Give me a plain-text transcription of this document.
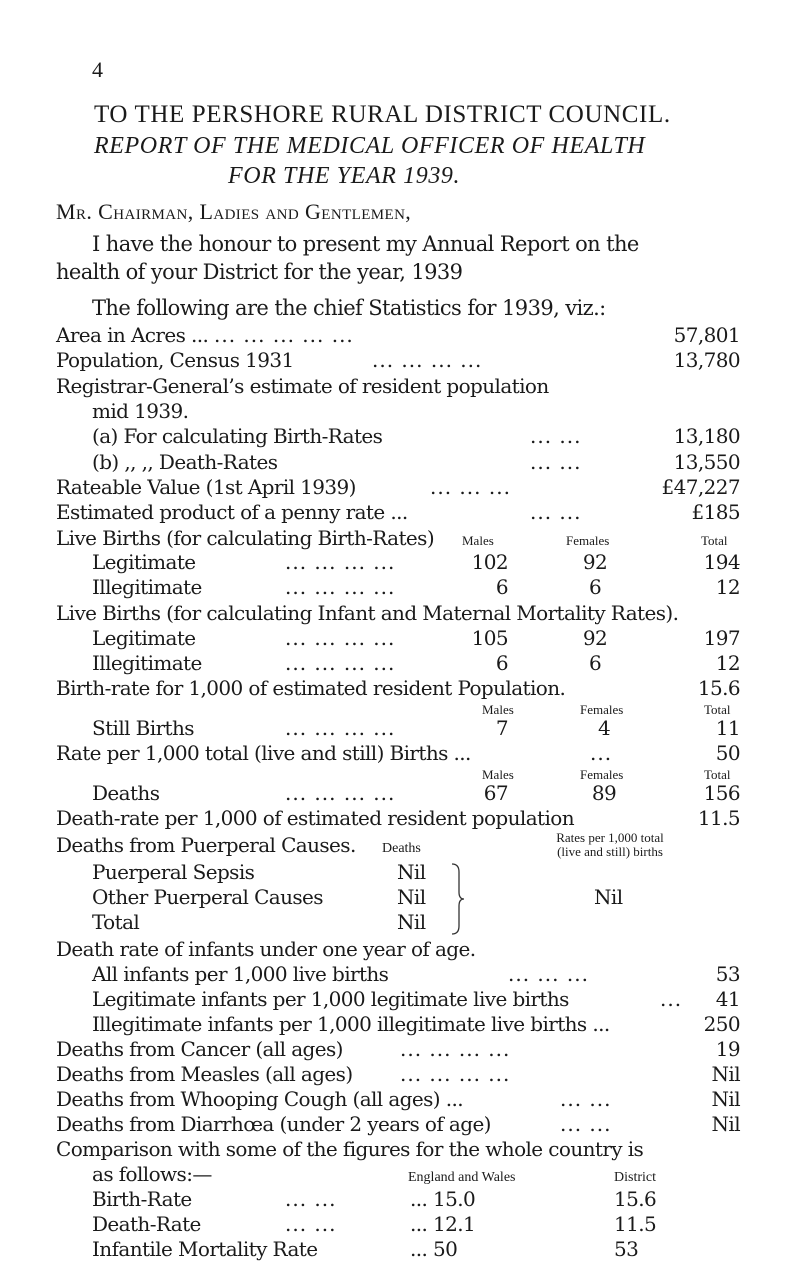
4
TO THE PERSHORE RURAL DISTRICT COUNCIL.
REPORT OF THE MEDICAL OFFICER OF HEALTH
FOR THE YEAR 1939.
Mr. Chairman, Ladies and Gentlemen,
I have the honour to present my Annual Report on the
health of your District for the year, 1939
The following are the chief Statistics for 1939, viz.:
Area in Acres ... ... ... ... ... ...	57,801
Population, Census 1931	... ... ... ...	13,780
Registrar-General’s estimate of resident population
mid 1939.
(a) For calculating Birth-Rates	... ...	13,180
(b) ,, ,, Death-Rates	... ...	13,550
Rateable Value (1st April 1939)	... ... ...	£47,227
Estimated product of a penny rate ...	... ...	£185
Live Births (for calculating Birth-Rates) Males	Females	Total
Legitimate	... ... ... ...	102	92	194
Illegitimate	... ... ... ...	6	6	12
Live Births (for calculating Infant and Maternal Mortality Rates).
Legitimate	... ... ... ...	105	92	197
Illegitimate	... ... ... ...	6	6	12
Birth-rate for 1,000 of estimated resident Population.	15.6
Males	Females	Total
Still Births	... ... ... ...	7	4	11
Rate per 1,000 total (live and still) Births ...	...	50
Males	Females	Total
Deaths	... ... ... ...	67	89	156
Death-rate per 1,000 of estimated resident population	11.5
Deaths from Puerperal Causes. Deaths
Rates per 1,000 total
(live and still) births
Puerperal Sepsis	Nil
Other Puerperal Causes	Nil
Total	Nil
Nil
Death rate of infants under one year of age.
All infants per 1,000 live births	... ... ...	53
Legitimate infants per 1,000 legitimate live births	...	41
Illegitimate infants per 1,000 illegitimate live births ...	250
Deaths from Cancer (all ages)	... ... ... ...	19
Deaths from Measles (all ages) ... ... ... ...	Nil
Deaths from Whooping Cough (all ages) ...	... ...	Nil
Deaths from Diarrhœa (under 2 years of age)	... ...	Nil
Comparison with some of the figures for the whole country is
as follows:—	England and Wales	District
Birth-Rate	... ...	... 15.0	15.6
Death-Rate	... ...	... 12.1	11.5
Infantile Mortality Rate	... 50	53
